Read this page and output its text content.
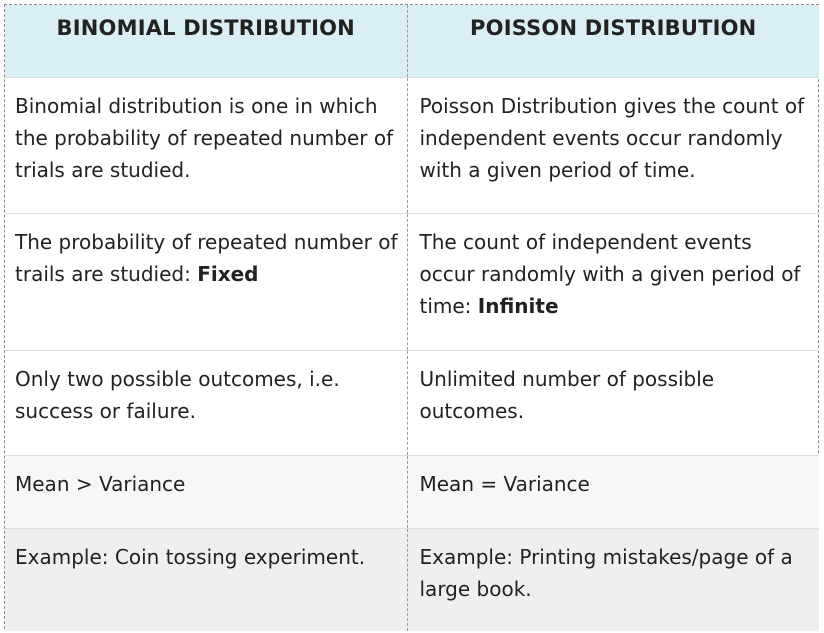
BINOMIAL DISTRIBUTION	POISSON DISTRIBUTION
Binomial distribution is one in which the probability of repeated number of trials are studied.	Poisson Distribution gives the count of independent events occur randomly with a given period of time.
The probability of repeated number of trails are studied: Fixed	The count of independent events occur randomly with a given period of time: Infinite
Only two possible outcomes, i.e. success or failure.	Unlimited number of possible outcomes.
Mean > Variance	Mean = Variance
Example: Coin tossing experiment.	Example: Printing mistakes/page of a large book.
